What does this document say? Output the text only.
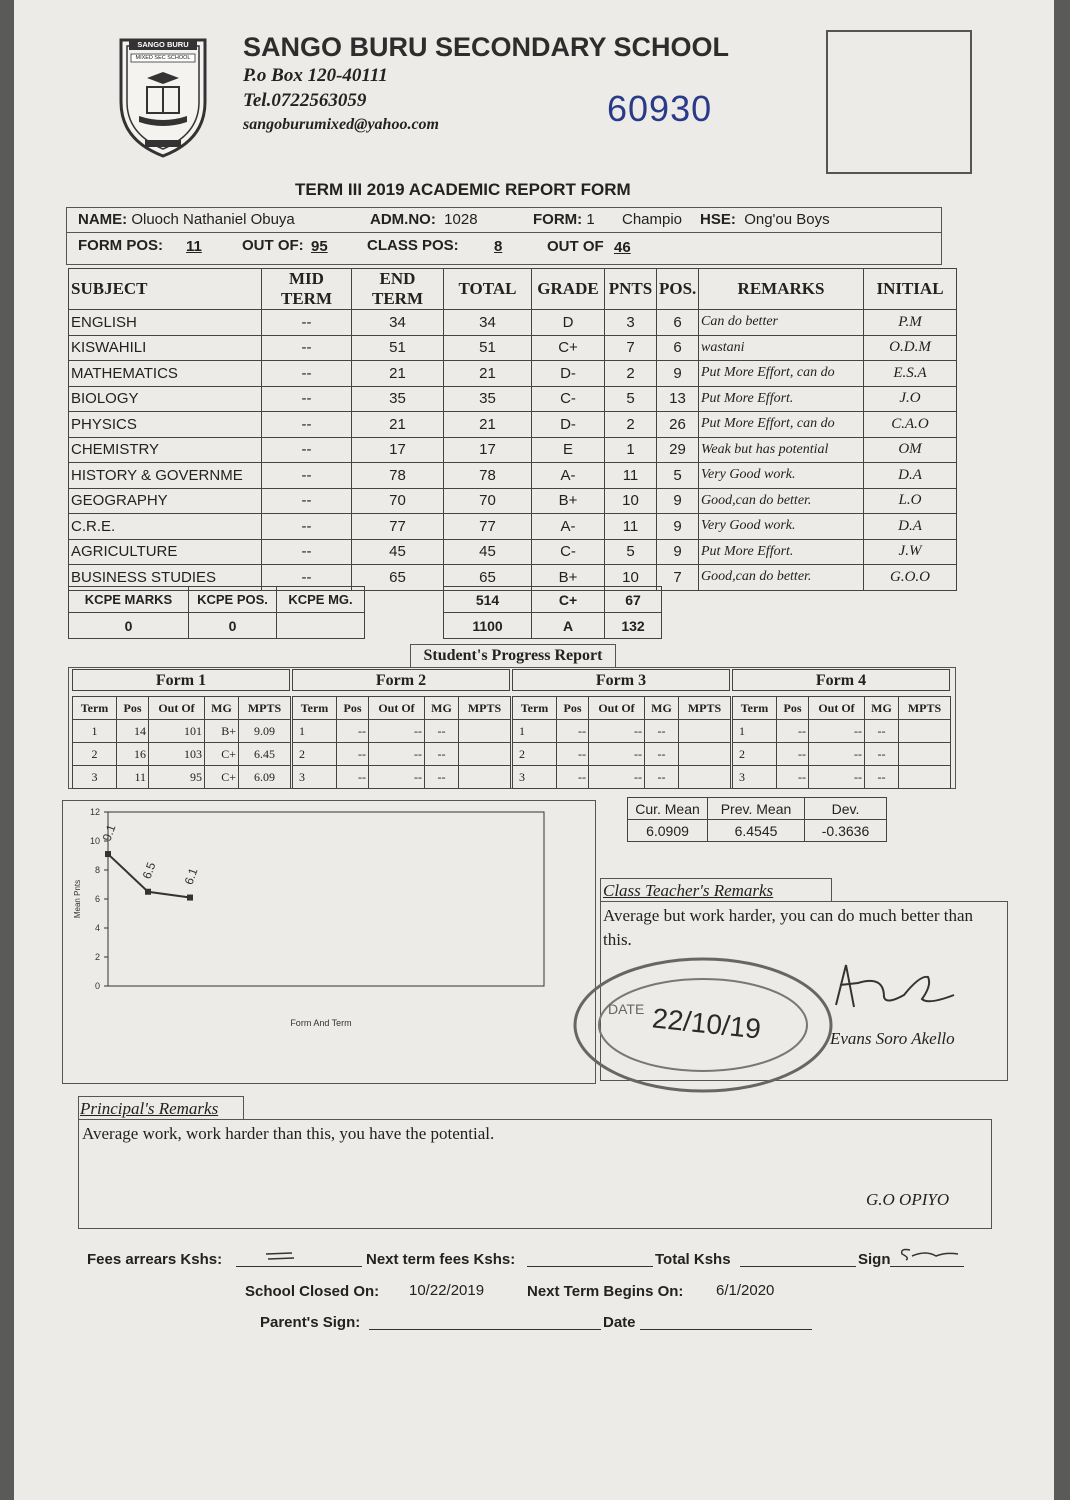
SANGO BURU
MIXED SEC SCHOOL SANGO BURU SECONDARY SCHOOL
P.o Box 120-40111
Tel.0722563059
sangoburumixed@yahoo.com	60930
TERM III 2019 ACADEMIC REPORT FORM
NAME: Oluoch Nathaniel Obuya	ADM.NO: 1028	FORM: 1 Champio HSE: Ong'ou Boys
FORM POS: 11	OUT OF: 95	CLASS POS: 8	OUT OF 46
SUBJECT	MID TERM	END TERM	TOTAL	GRADE	PNTS	POS.	REMARKS	INITIAL
ENGLISH	--	34	34	D	3	6	Can do better	P.M
KISWAHILI	--	51	51	C+	7	6	wastani	O.D.M
MATHEMATICS	--	21	21	D-	2	9	Put More Effort, can do	E.S.A
BIOLOGY	--	35	35	C-	5	13	Put More Effort.	J.O
PHYSICS	--	21	21	D-	2	26	Put More Effort, can do	C.A.O
CHEMISTRY	--	17	17	E	1	29	Weak but has potential	OM
HISTORY & GOVERNME	--	78	78	A-	11	5	Very Good work.	D.A
GEOGRAPHY	--	70	70	B+	10	9	Good,can do better.	L.O
C.R.E.	--	77	77	A-	11	9	Very Good work.	D.A
AGRICULTURE	--	45	45	C-	5	9	Put More Effort.	J.W
BUSINESS STUDIES	--	65	65	B+	10	7	Good,can do better.	G.O.O
KCPE MARKS	KCPE POS.	KCPE MG.
0	0	
514	C+	67
1100	A	132
Student's Progress Report
Form 1
Term	Pos	Out Of	MG	MPTS
1	14	101	B+	9.09
2	16	103	C+	6.45
3	11	95	C+	6.09
Form 2
Term	Pos	Out Of	MG	MPTS
1	--	--	--	
2	--	--	--	
3	--	--	--	
Form 3
Term	Pos	Out Of	MG	MPTS
1	--	--	--	
2	--	--	--	
3	--	--	--	
Form 4
Term	Pos	Out Of	MG	MPTS
1	--	--	--	
2	--	--	--	
3	--	--	--	
0
2
4
6
8
10
12
9.1
6.5 6.1
Form And Term
Mean Pnts
Cur. Mean	Prev. Mean	Dev.
6.0909	6.4545	-0.3636
Class Teacher's Remarks
Average but work harder, you can do much better than this.
DATE 22/10/19	Evans Soro Akello
Principal's Remarks
Average work, work harder than this, you have the potential.
G.O OPIYO
Fees arrears Kshs:	Next term fees Kshs:	Total Kshs	Sign
School Closed On: 10/22/2019	Next Term Begins On: 6/1/2020
Parent's Sign:	Date
